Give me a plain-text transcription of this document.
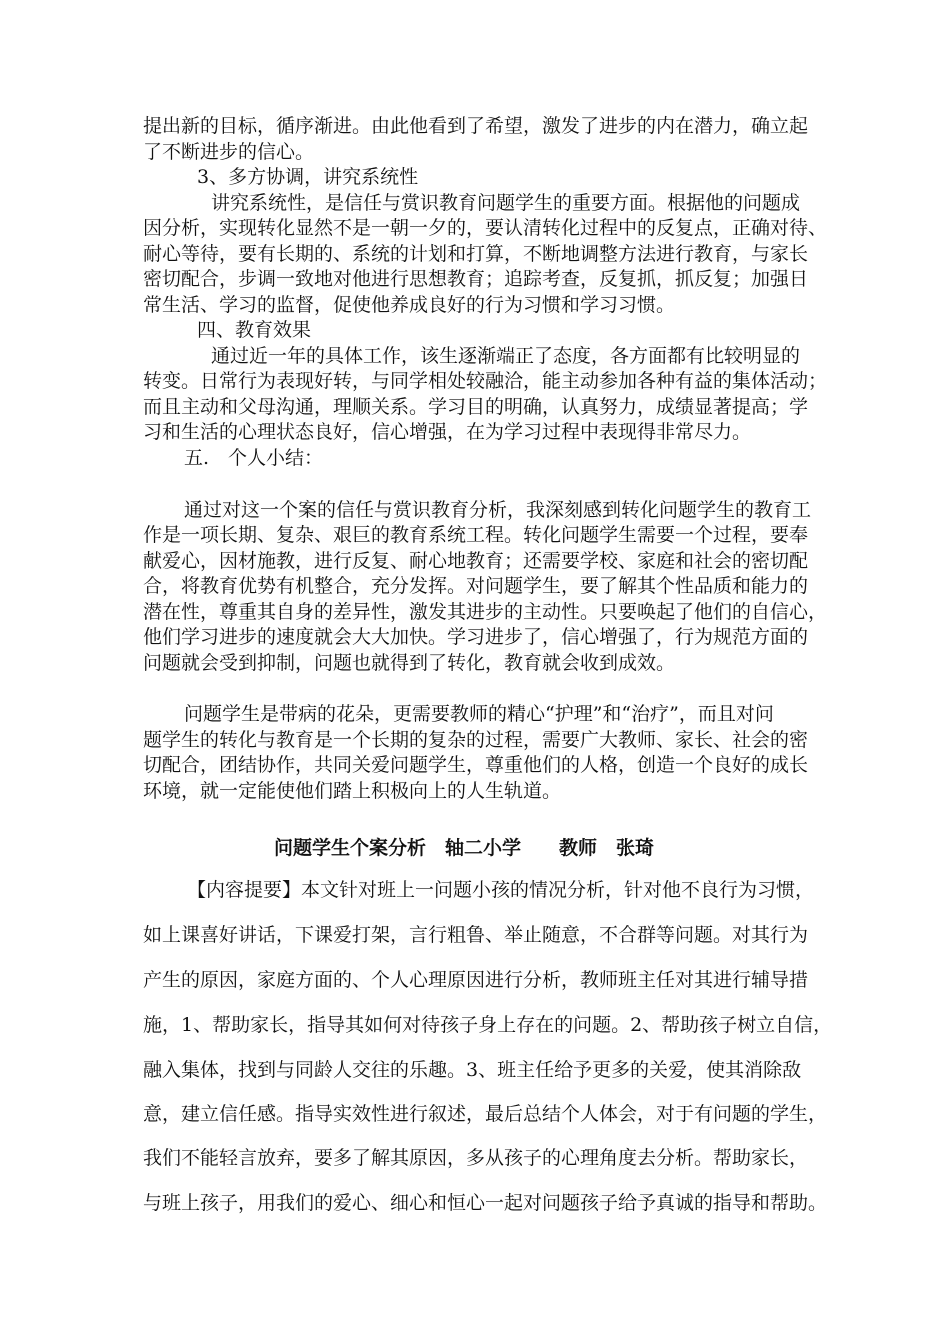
提出新的目标，循序渐进。由此他看到了希望，激发了进步的内在潜力，确立起
了不断进步的信心。
3、多方协调，讲究系统性
讲究系统性，是信任与赏识教育问题学生的重要方面。根据他的问题成
因分析，实现转化显然不是一朝一夕的，要认清转化过程中的反复点，正确对待、
耐心等待，要有长期的、系统的计划和打算，不断地调整方法进行教育，与家长
密切配合，步调一致地对他进行思想教育；追踪考查，反复抓，抓反复；加强日
常生活、学习的监督，促使他养成良好的行为习惯和学习习惯。
四、教育效果
通过近一年的具体工作，该生逐渐端正了态度，各方面都有比较明显的
转变。日常行为表现好转，与同学相处较融洽，能主动参加各种有益的集体活动；
而且主动和父母沟通，理顺关系。学习目的明确，认真努力，成绩显著提高；学
习和生活的心理状态良好，信心增强，在为学习过程中表现得非常尽力。
五.　个人小结：
通过对这一个案的信任与赏识教育分析，我深刻感到转化问题学生的教育工
作是一项长期、复杂、艰巨的教育系统工程。转化问题学生需要一个过程，要奉
献爱心，因材施教，进行反复、耐心地教育；还需要学校、家庭和社会的密切配
合，将教育优势有机整合，充分发挥。对问题学生，要了解其个性品质和能力的
潜在性，尊重其自身的差异性，激发其进步的主动性。只要唤起了他们的自信心，
他们学习进步的速度就会大大加快。学习进步了，信心增强了，行为规范方面的
问题就会受到抑制，问题也就得到了转化，教育就会收到成效。
问题学生是带病的花朵，更需要教师的精心“护理”和“治疗”，而且对问
题学生的转化与教育是一个长期的复杂的过程，需要广大教师、家长、社会的密
切配合，团结协作，共同关爱问题学生，尊重他们的人格，创造一个良好的成长
环境，就一定能使他们踏上积极向上的人生轨道。
问题学生个案分析　轴二小学　　教师　张琦
【内容提要】本文针对班上一问题小孩的情况分析，针对他不良行为习惯，
如上课喜好讲话，下课爱打架，言行粗鲁、举止随意，不合群等问题。对其行为
产生的原因，家庭方面的、个人心理原因进行分析，教师班主任对其进行辅导措
施，1、帮助家长，指导其如何对待孩子身上存在的问题。2、帮助孩子树立自信，
融入集体，找到与同龄人交往的乐趣。3、班主任给予更多的关爱，使其消除敌
意，建立信任感。指导实效性进行叙述，最后总结个人体会，对于有问题的学生，
我们不能轻言放弃，要多了解其原因，多从孩子的心理角度去分析。帮助家长，
与班上孩子，用我们的爱心、细心和恒心一起对问题孩子给予真诚的指导和帮助。
